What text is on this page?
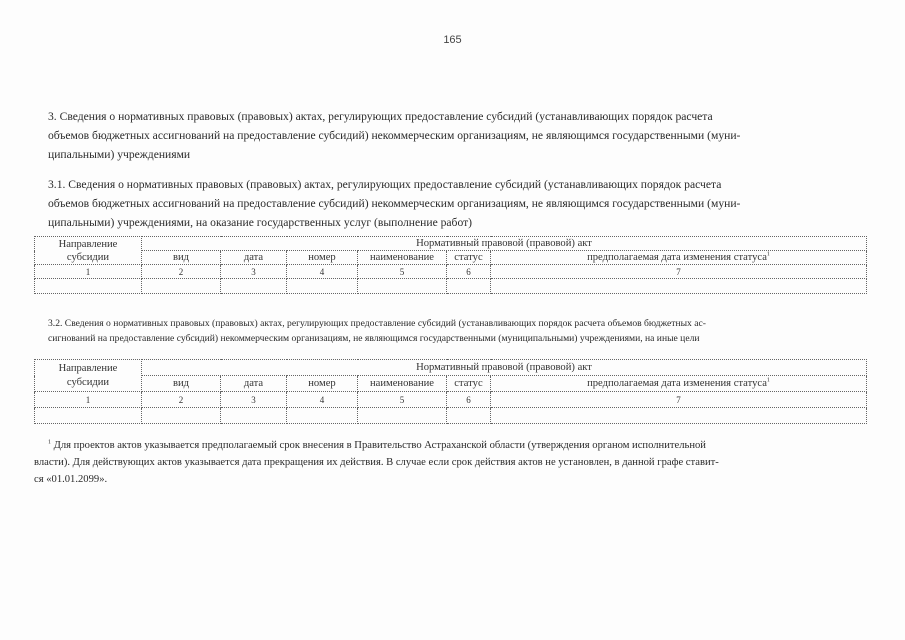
165
3. Сведения о нормативных правовых (правовых) актах, регулирующих предоставление субсидий (устанавливающих порядок расчета
объемов бюджетных ассигнований на предоставление субсидий) некоммерческим организациям, не являющимся государственными (муни-
ципальными) учреждениями
3.1. Сведения о нормативных правовых (правовых) актах, регулирующих предоставление субсидий (устанавливающих порядок расчета
объемов бюджетных ассигнований на предоставление субсидий) некоммерческим организациям, не являющимся государственными (муни-
ципальными) учреждениями, на оказание государственных услуг (выполнение работ)
Направление
субсидии	Нормативный правовой (правовой) акт					
	вид	дата	номер	наименование	статус	предполагаемая дата изменения статуса$^1$
1	2	3	4	5	6	7

3.2. Сведения о нормативных правовых (правовых) актах, регулирующих предоставление субсидий (устанавливающих порядок расчета объемов бюджетных ас-
сигнований на предоставление субсидий) некоммерческим организациям, не являющимся государственными (муниципальными) учреждениями, на иные цели
Направление
субсидии	Нормативный правовой (правовой) акт					
	вид	дата	номер	наименование	статус	предполагаемая дата изменения статуса$^1$
1	2	3	4	5	6	7

$^1$ Для проектов актов указывается предполагаемый срок внесения в Правительство Астраханской области (утверждения органом исполнительной
власти). Для действующих актов указывается дата прекращения их действия. В случае если срок действия актов не установлен, в данной графе ставит-
ся «01.01.2099».
